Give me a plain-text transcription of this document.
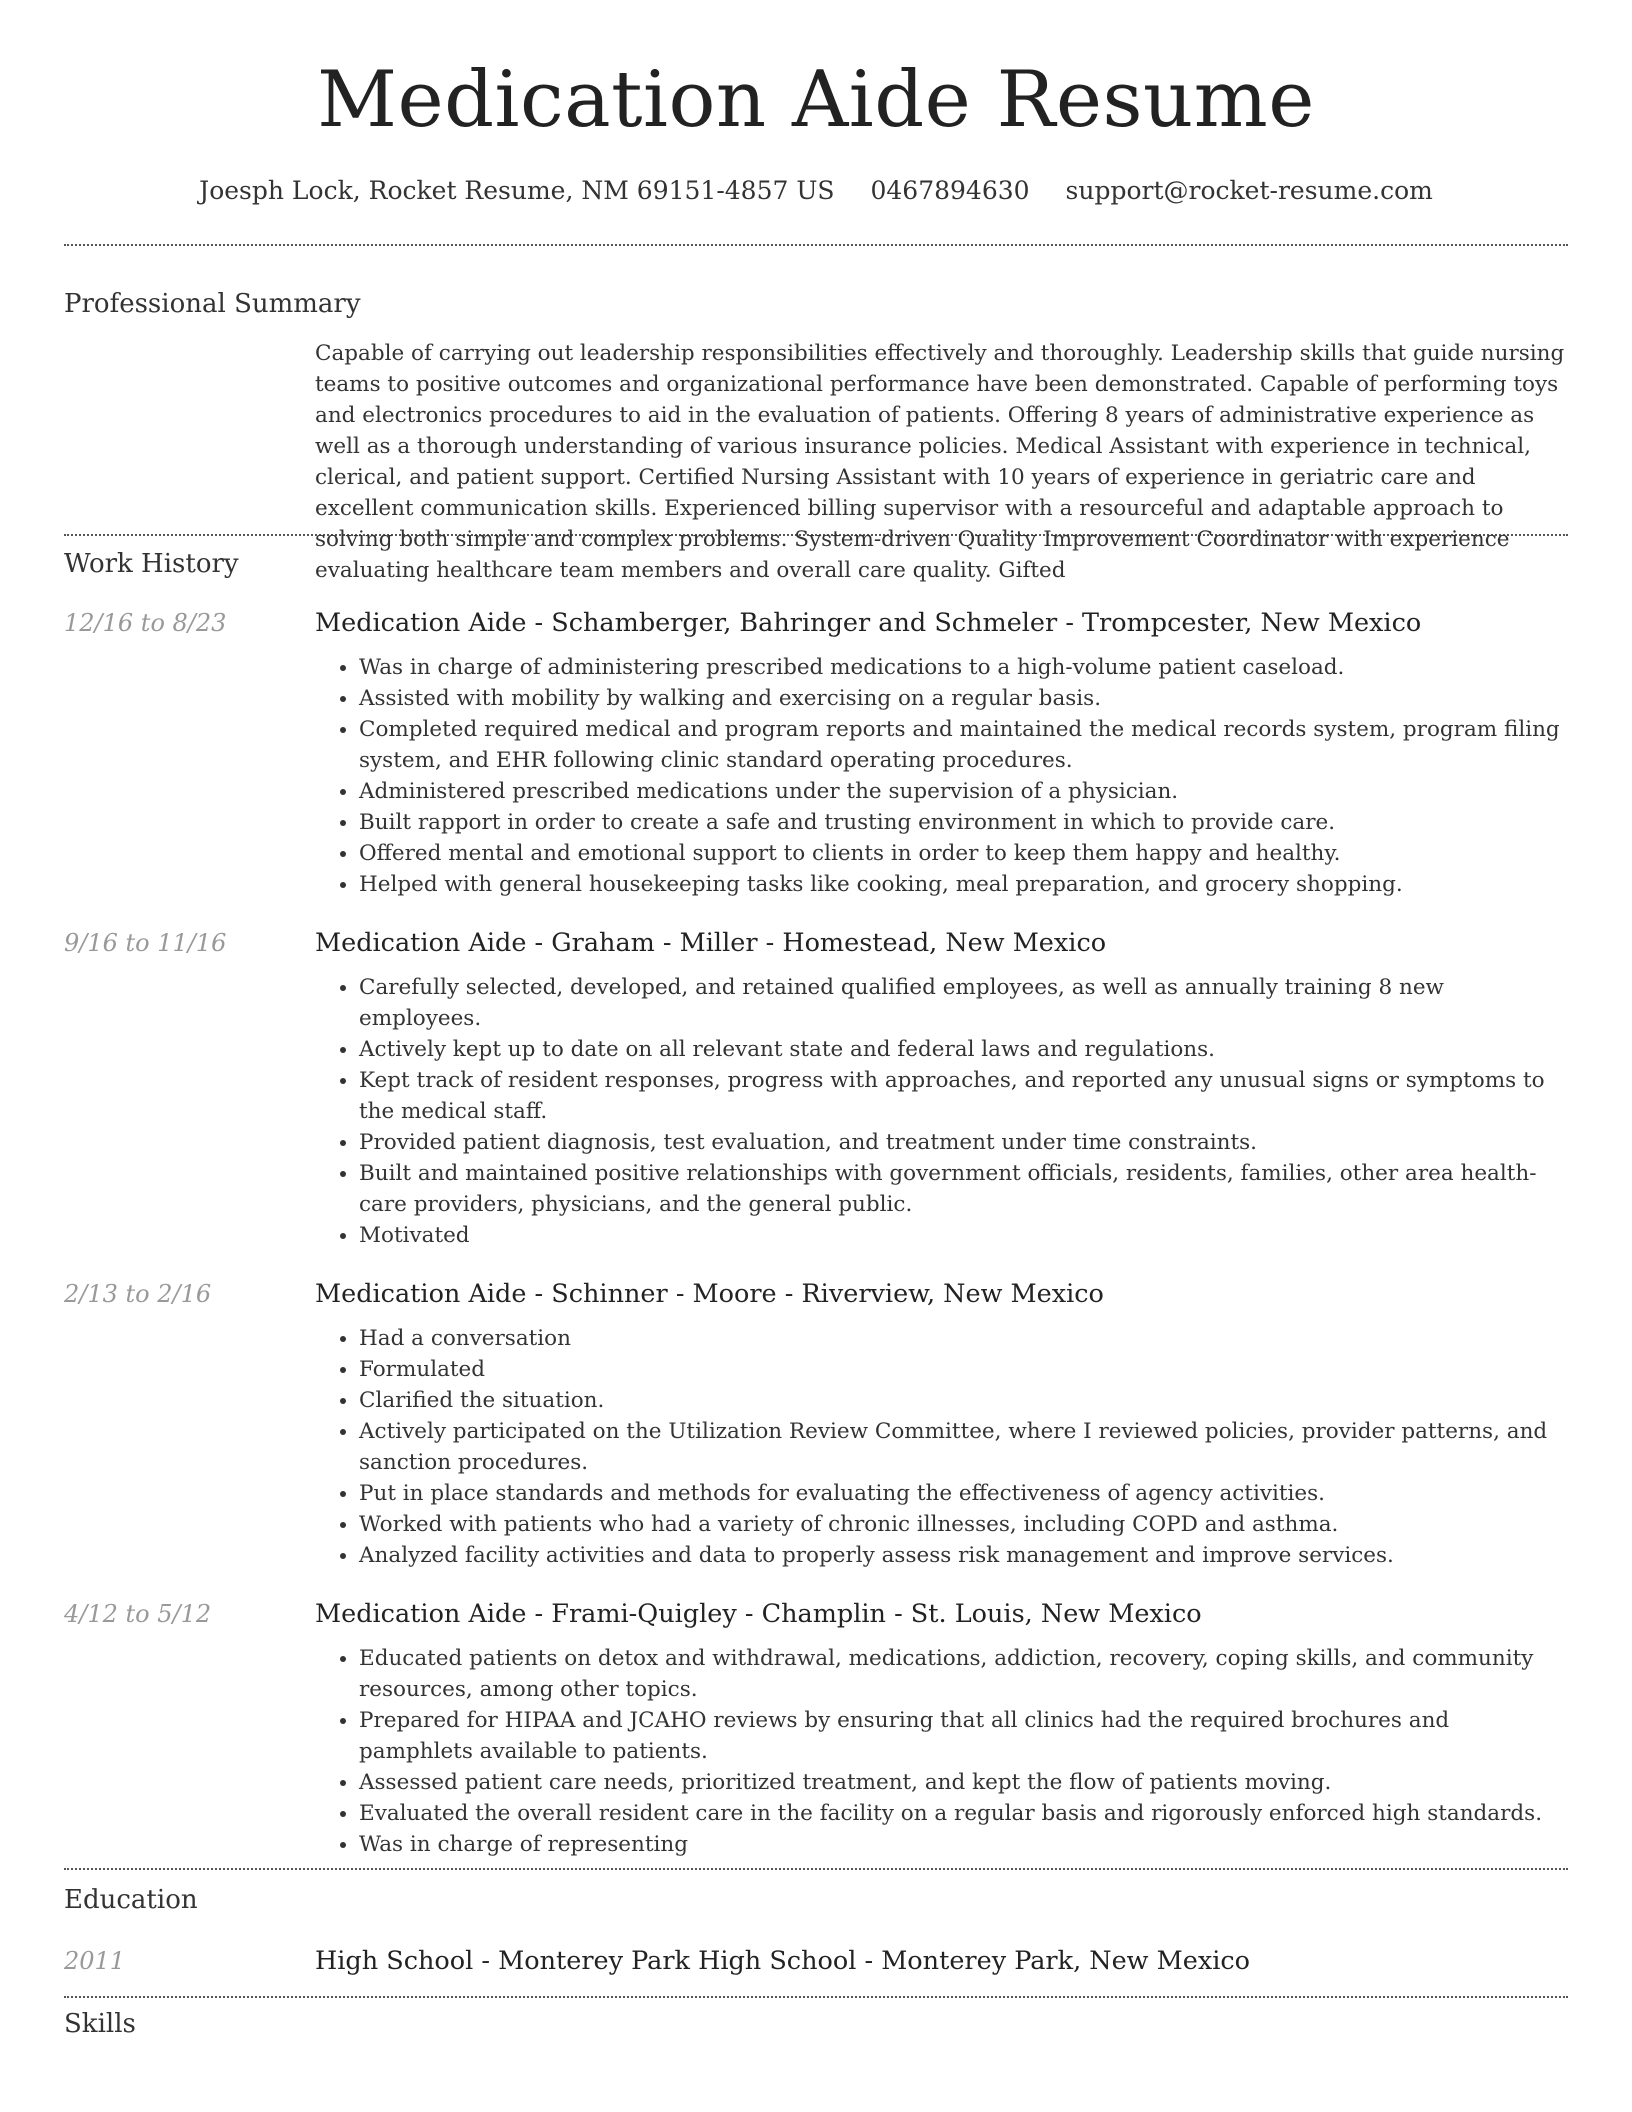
Medication Aide Resume
Joesph Lock, Rocket Resume, NM 69151-4857 US 0467894630 support@rocket-resume.com
Professional Summary
Capable of carrying out leadership responsibilities effectively and thoroughly. Leadership skills that guide nursing teams to positive outcomes and organizational performance have been demonstrated. Capable of performing toys and electronics procedures to aid in the evaluation of patients. Offering 8 years of administrative experience as well as a thorough understanding of various insurance policies. Medical Assistant with experience in technical, clerical, and patient support. Certified Nursing Assistant with 10 years of experience in geriatric care and excellent communication skills. Experienced billing supervisor with a resourceful and adaptable approach to solving both simple and complex problems. System-driven Quality Improvement Coordinator with experience evaluating healthcare team members and overall care quality. Gifted
Work History
12/16 to 8/23	Medication Aide - Schamberger, Bahringer and Schmeler - Trompcester, New Mexico
• Was in charge of administering prescribed medications to a high-volume patient caseload.
• Assisted with mobility by walking and exercising on a regular basis.
• Completed required medical and program reports and maintained the medical records system, program filing system, and EHR following clinic standard operating procedures.
• Administered prescribed medications under the supervision of a physician.
• Built rapport in order to create a safe and trusting environment in which to provide care.
• Offered mental and emotional support to clients in order to keep them happy and healthy.
• Helped with general housekeeping tasks like cooking, meal preparation, and grocery shopping.
9/16 to 11/16	Medication Aide - Graham - Miller - Homestead, New Mexico
• Carefully selected, developed, and retained qualified employees, as well as annually training 8 new employees.
• Actively kept up to date on all relevant state and federal laws and regulations.
• Kept track of resident responses, progress with approaches, and reported any unusual signs or symptoms to the medical staff.
• Provided patient diagnosis, test evaluation, and treatment under time constraints.
• Built and maintained positive relationships with government officials, residents, families, other area health-care providers, physicians, and the general public.
• Motivated
2/13 to 2/16	Medication Aide - Schinner - Moore - Riverview, New Mexico
• Had a conversation
• Formulated
• Clarified the situation.
• Actively participated on the Utilization Review Committee, where I reviewed policies, provider patterns, and sanction procedures.
• Put in place standards and methods for evaluating the effectiveness of agency activities.
• Worked with patients who had a variety of chronic illnesses, including COPD and asthma.
• Analyzed facility activities and data to properly assess risk management and improve services.
4/12 to 5/12	Medication Aide - Frami-Quigley - Champlin - St. Louis, New Mexico
• Educated patients on detox and withdrawal, medications, addiction, recovery, coping skills, and community resources, among other topics.
• Prepared for HIPAA and JCAHO reviews by ensuring that all clinics had the required brochures and pamphlets available to patients.
• Assessed patient care needs, prioritized treatment, and kept the flow of patients moving.
• Evaluated the overall resident care in the facility on a regular basis and rigorously enforced high standards.
• Was in charge of representing
Education
2011	High School - Monterey Park High School - Monterey Park, New Mexico
Skills
